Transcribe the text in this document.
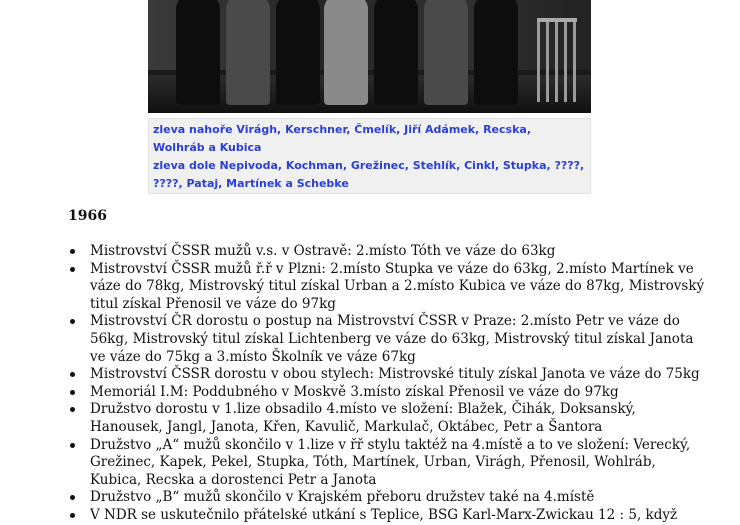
zleva nahoře Virágh, Kerschner, Čmelík, Jiří Adámek, Recska,
Wolhráb a Kubica
zleva dole Nepivoda, Kochman, Grežinec, Stehlík, Cinkl, Stupka, ????,
????, Pataj, Martínek a Schebke
1966
Mistrovství ČSSR mužů v.s. v Ostravě: 2.místo Tóth ve váze do 63kg
Mistrovství ČSSR mužů ř.ř v Plzni: 2.místo Stupka ve váze do 63kg, 2.místo Martínek ve váze do 78kg, Mistrovský titul získal Urban a 2.místo Kubica ve váze do 87kg, Mistrovský titul získal Přenosil ve váze do 97kg
Mistrovství ČR dorostu o postup na Mistrovství ČSSR v Praze: 2.místo Petr ve váze do 56kg, Mistrovský titul získal Lichtenberg ve váze do 63kg, Mistrovský titul získal Janota ve váze do 75kg a 3.místo Školník ve váze 67kg
Mistrovství ČSSR dorostu v obou stylech: Mistrovské tituly získal Janota ve váze do 75kg
Memoriál I.M: Poddubného v Moskvě 3.místo získal Přenosil ve váze do 97kg
Družstvo dorostu v 1.lize obsadilo 4.místo ve složení: Blažek, Čihák, Doksanský, Hanousek, Jangl, Janota, Křen, Kavulič, Markulač, Oktábec, Petr a Šantora
Družstvo „A“ mužů skončilo v 1.lize v řř stylu taktéž na 4.místě a to ve složení: Verecký, Grežinec, Kapek, Pekel, Stupka, Tóth, Martínek, Urban, Virágh, Přenosil, Wohlráb, Kubica, Recska a dorostenci Petr a Janota
Družstvo „B“ mužů skončilo v Krajském přeboru družstev také na 4.místě
V NDR se uskutečnilo přátelské utkání s Teplice, BSG Karl-Marx-Zwickau 12 : 5, když
